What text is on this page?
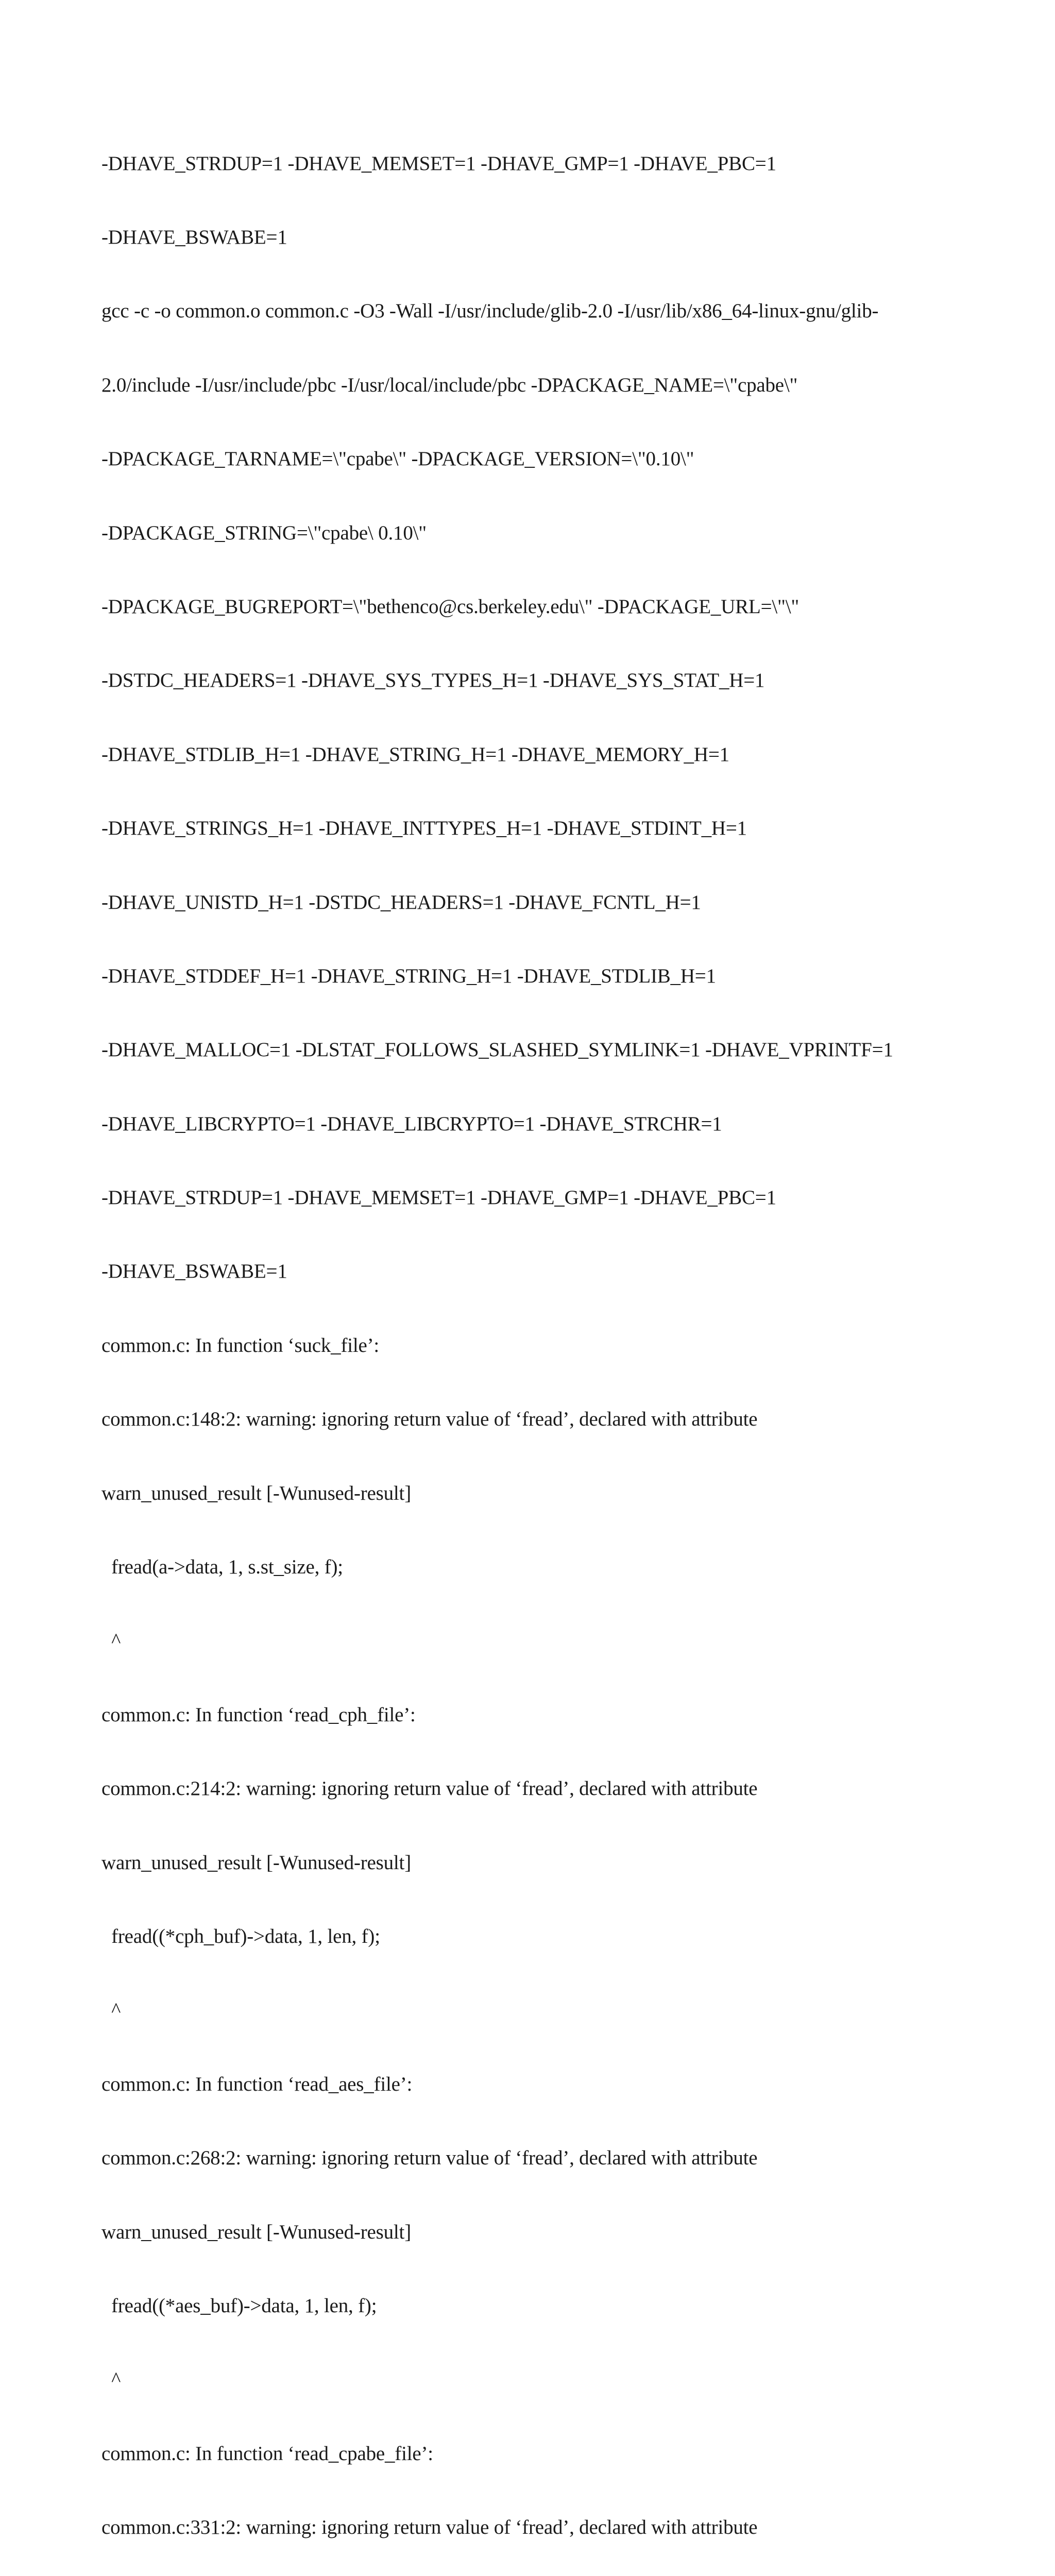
-DHAVE_STRDUP=1 -DHAVE_MEMSET=1 -DHAVE_GMP=1 -DHAVE_PBC=1

-DHAVE_BSWABE=1

gcc -c -o common.o common.c -O3 -Wall -I/usr/include/glib-2.0 -I/usr/lib/x86_64-linux-gnu/glib-

2.0/include -I/usr/include/pbc -I/usr/local/include/pbc -DPACKAGE_NAME=\"cpabe\"

-DPACKAGE_TARNAME=\"cpabe\" -DPACKAGE_VERSION=\"0.10\"

-DPACKAGE_STRING=\"cpabe\ 0.10\"

-DPACKAGE_BUGREPORT=\"bethenco@cs.berkeley.edu\" -DPACKAGE_URL=\"\"

-DSTDC_HEADERS=1 -DHAVE_SYS_TYPES_H=1 -DHAVE_SYS_STAT_H=1

-DHAVE_STDLIB_H=1 -DHAVE_STRING_H=1 -DHAVE_MEMORY_H=1

-DHAVE_STRINGS_H=1 -DHAVE_INTTYPES_H=1 -DHAVE_STDINT_H=1

-DHAVE_UNISTD_H=1 -DSTDC_HEADERS=1 -DHAVE_FCNTL_H=1

-DHAVE_STDDEF_H=1 -DHAVE_STRING_H=1 -DHAVE_STDLIB_H=1

-DHAVE_MALLOC=1 -DLSTAT_FOLLOWS_SLASHED_SYMLINK=1 -DHAVE_VPRINTF=1

-DHAVE_LIBCRYPTO=1 -DHAVE_LIBCRYPTO=1 -DHAVE_STRCHR=1

-DHAVE_STRDUP=1 -DHAVE_MEMSET=1 -DHAVE_GMP=1 -DHAVE_PBC=1

-DHAVE_BSWABE=1

common.c: In function ‘suck_file’:

common.c:148:2: warning: ignoring return value of ‘fread’, declared with attribute

warn_unused_result [-Wunused-result]

fread(a->data, 1, s.st_size, f);

^

common.c: In function ‘read_cph_file’:

common.c:214:2: warning: ignoring return value of ‘fread’, declared with attribute

warn_unused_result [-Wunused-result]

fread((*cph_buf)->data, 1, len, f);

^

common.c: In function ‘read_aes_file’:

common.c:268:2: warning: ignoring return value of ‘fread’, declared with attribute

warn_unused_result [-Wunused-result]

fread((*aes_buf)->data, 1, len, f);

^

common.c: In function ‘read_cpabe_file’:

common.c:331:2: warning: ignoring return value of ‘fread’, declared with attribute
